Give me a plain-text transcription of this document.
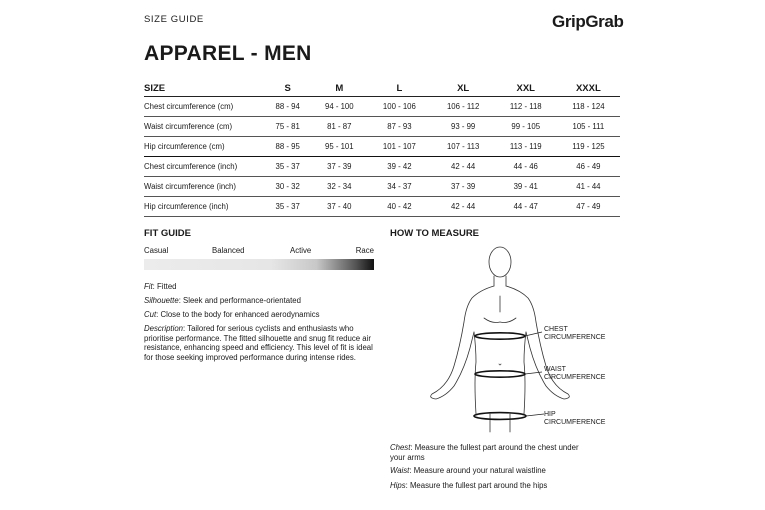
SIZE GUIDE	GripGrab
APPAREL - MEN
SIZE	S	M	L	XL	XXL	XXXL
Chest circumference (cm)	88 - 94	94 - 100	100 - 106	106 - 112	112 - 118	118 - 124
Waist circumference (cm)	75 - 81	81 - 87	87 - 93	93 - 99	99 - 105	105 - 111
Hip circumference (cm)	88 - 95	95 - 101	101 - 107	107 - 113	113 - 119	119 - 125
Chest circumference (inch)	35 - 37	37 - 39	39 - 42	42 - 44	44 - 46	46 - 49
Waist circumference (inch)	30 - 32	32 - 34	34 - 37	37 - 39	39 - 41	41 - 44
Hip circumference (inch)	35 - 37	37 - 40	40 - 42	42 - 44	44 - 47	47 - 49
FIT GUIDE
Casual	Balanced	Active	Race
Fit: Fitted
Silhouette: Sleek and performance-orientated
Cut: Close to the body for enhanced aerodynamics
Description: Tailored for serious cyclists and enthusiasts who prioritise performance. The fitted silhouette and snug fit reduce air resistance, enhancing speed and efficiency. This level of fit is ideal for those seeking improved performance during intense rides.
HOW TO MEASURE
CHEST
CIRCUMFERENCE
WAIST
CIRCUMFERENCE
HIP
CIRCUMFERENCE
Chest: Measure the fullest part around the chest under your arms
Waist: Measure around your natural waistline
Hips: Measure the fullest part around the hips
